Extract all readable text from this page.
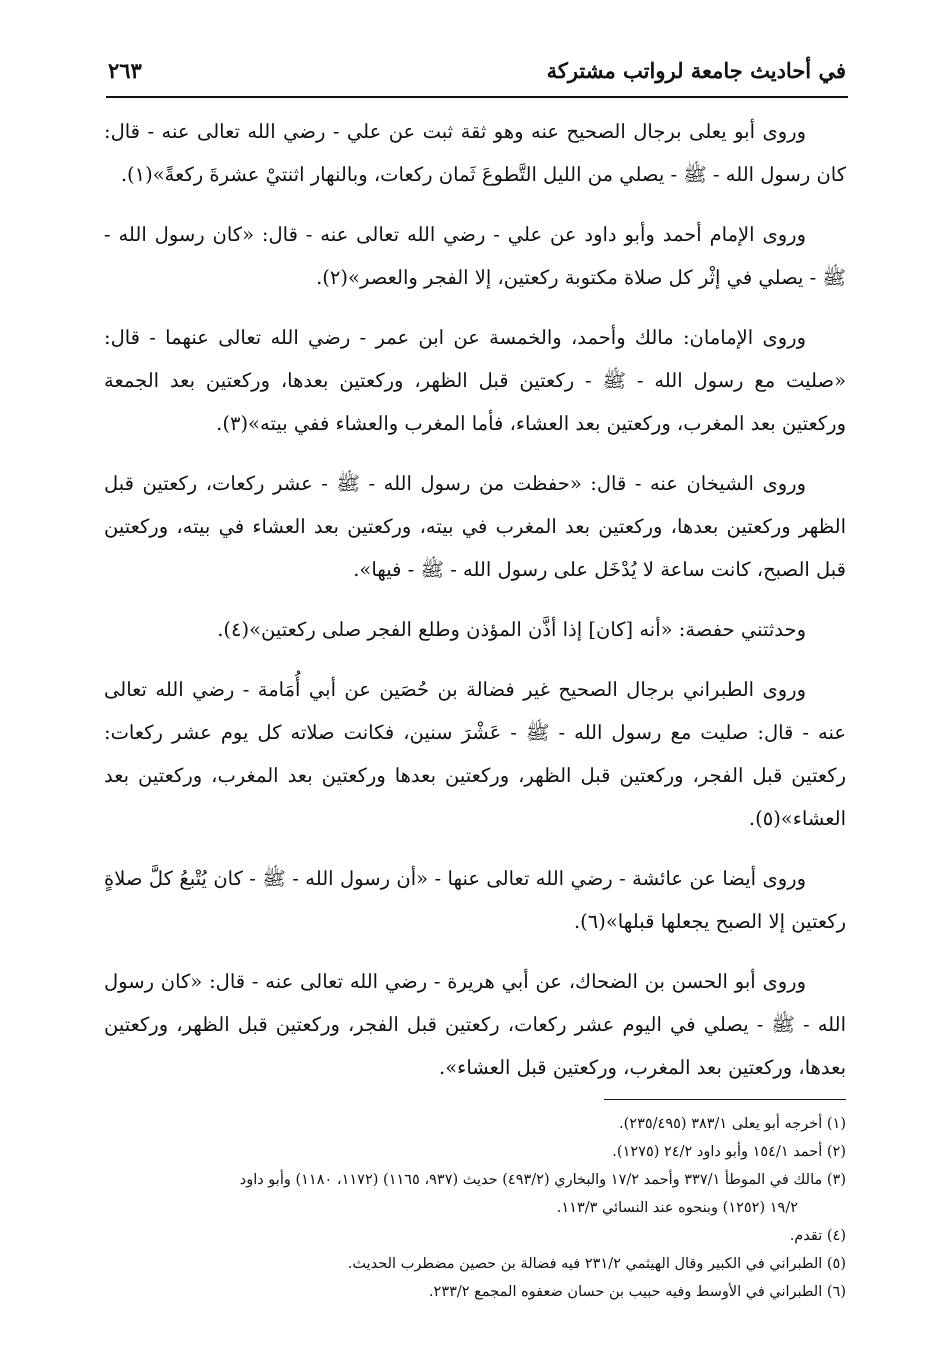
في أحاديث جامعة لرواتب مشتركة
٢٦٣

وروى أبو يعلى برجال الصحيح عنه وهو ثقة ثبت عن علي - رضي الله تعالى عنه - قال: كان رسول الله - ﷺ - يصلي من الليل التَّطوعَ ثَمان ركعات، وبالنهار اثنتيْ عشرةَ ركعةً»(١).

وروى الإمام أحمد وأبو داود عن علي - رضي الله تعالى عنه - قال: «كان رسول الله - ﷺ - يصلي في إثْر كل صلاة مكتوبة ركعتين، إلا الفجر والعصر»(٢).

وروى الإمامان: مالك وأحمد، والخمسة عن ابن عمر - رضي الله تعالى عنهما - قال: «صليت مع رسول الله - ﷺ - ركعتين قبل الظهر، وركعتين بعدها، وركعتين بعد الجمعة وركعتين بعد المغرب، وركعتين بعد العشاء، فأما المغرب والعشاء ففي بيته»(٣).

وروى الشيخان عنه - قال: «حفظت من رسول الله - ﷺ - عشر ركعات، ركعتين قبل الظهر وركعتين بعدها، وركعتين بعد المغرب في بيته، وركعتين بعد العشاء في بيته، وركعتين قبل الصبح، كانت ساعة لا يُدْخَل على رسول الله - ﷺ - فيها».

وحدثتني حفصة: «أنه [كان] إذا أذَّن المؤذن وطلع الفجر صلى ركعتين»(٤).

وروى الطبراني برجال الصحيح غير فضالة بن حُصَين عن أبي أُمَامة - رضي الله تعالى عنه - قال: صليت مع رسول الله - ﷺ - عَشْرَ سنين، فكانت صلاته كل يوم عشر ركعات: ركعتين قبل الفجر، وركعتين قبل الظهر، وركعتين بعدها وركعتين بعد المغرب، وركعتين بعد العشاء»(٥).

وروى أيضا عن عائشة - رضي الله تعالى عنها - «أن رسول الله - ﷺ - كان يُتْبعُ كلَّ صلاةٍ ركعتين إلا الصبح يجعلها قبلها»(٦).

وروى أبو الحسن بن الضحاك، عن أبي هريرة - رضي الله تعالى عنه - قال: «كان رسول الله - ﷺ - يصلي في اليوم عشر ركعات، ركعتين قبل الفجر، وركعتين قبل الظهر، وركعتين بعدها، وركعتين بعد المغرب، وركعتين قبل العشاء».

(١) أخرجه أبو يعلى ٣٨٣/١ (٢٣٥/٤٩٥).

(٢) أحمد ١٥٤/١ وأبو داود ٢٤/٢ (١٢٧٥).

(٣) مالك في الموطأ ٣٣٧/١ وأحمد ١٧/٢ والبخاري (٤٩٣/٢) حديث (٩٣٧، ١١٦٥) (١١٧٢، ١١٨٠) وأبو داود

١٩/٢ (١٢٥٢) وبنحوه عند النسائي ١١٣/٣.

(٤) تقدم.

(٥) الطبراني في الكبير وقال الهيثمي ٢٣١/٢ فيه فضالة بن حصين مضطرب الحديث.

(٦) الطبراني في الأوسط وفيه حبيب بن حسان ضعفوه المجمع ٢٣٣/٢.
